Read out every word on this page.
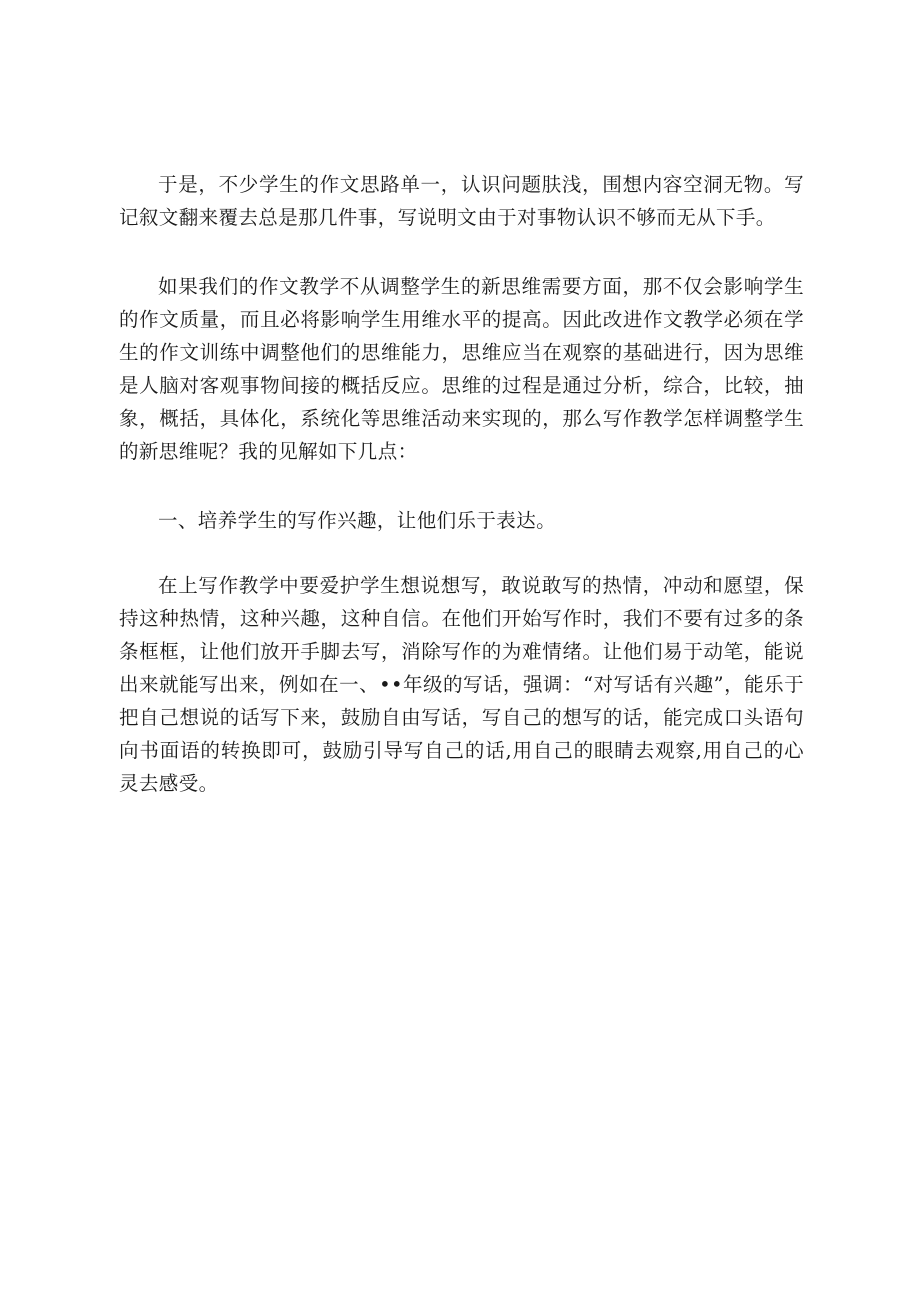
于是，不少学生的作文思路单一，认识问题肤浅，围想内容空洞无物。写记叙文翻来覆去总是那几件事，写说明文由于对事物认识不够而无从下手。

如果我们的作文教学不从调整学生的新思维需要方面，那不仅会影响学生的作文质量，而且必将影响学生用维水平的提高。因此改进作文教学必须在学生的作文训练中调整他们的思维能力，思维应当在观察的基础进行，因为思维是人脑对客观事物间接的概括反应。思维的过程是通过分析，综合，比较，抽象，概括，具体化，系统化等思维活动来实现的，那么写作教学怎样调整学生的新思维呢？我的见解如下几点：

一、培养学生的写作兴趣，让他们乐于表达。

在上写作教学中要爱护学生想说想写，敢说敢写的热情，冲动和愿望，保持这种热情，这种兴趣，这种自信。在他们开始写作时，我们不要有过多的条条框框，让他们放开手脚去写，消除写作的为难情绪。让他们易于动笔，能说出来就能写出来，例如在一、••年级的写话，强调：“对写话有兴趣”，能乐于把自己想说的话写下来，鼓励自由写话，写自己的想写的话，能完成口头语句向书面语的转换即可，鼓励引导写自己的话,用自己的眼睛去观察,用自己的心灵去感受。
